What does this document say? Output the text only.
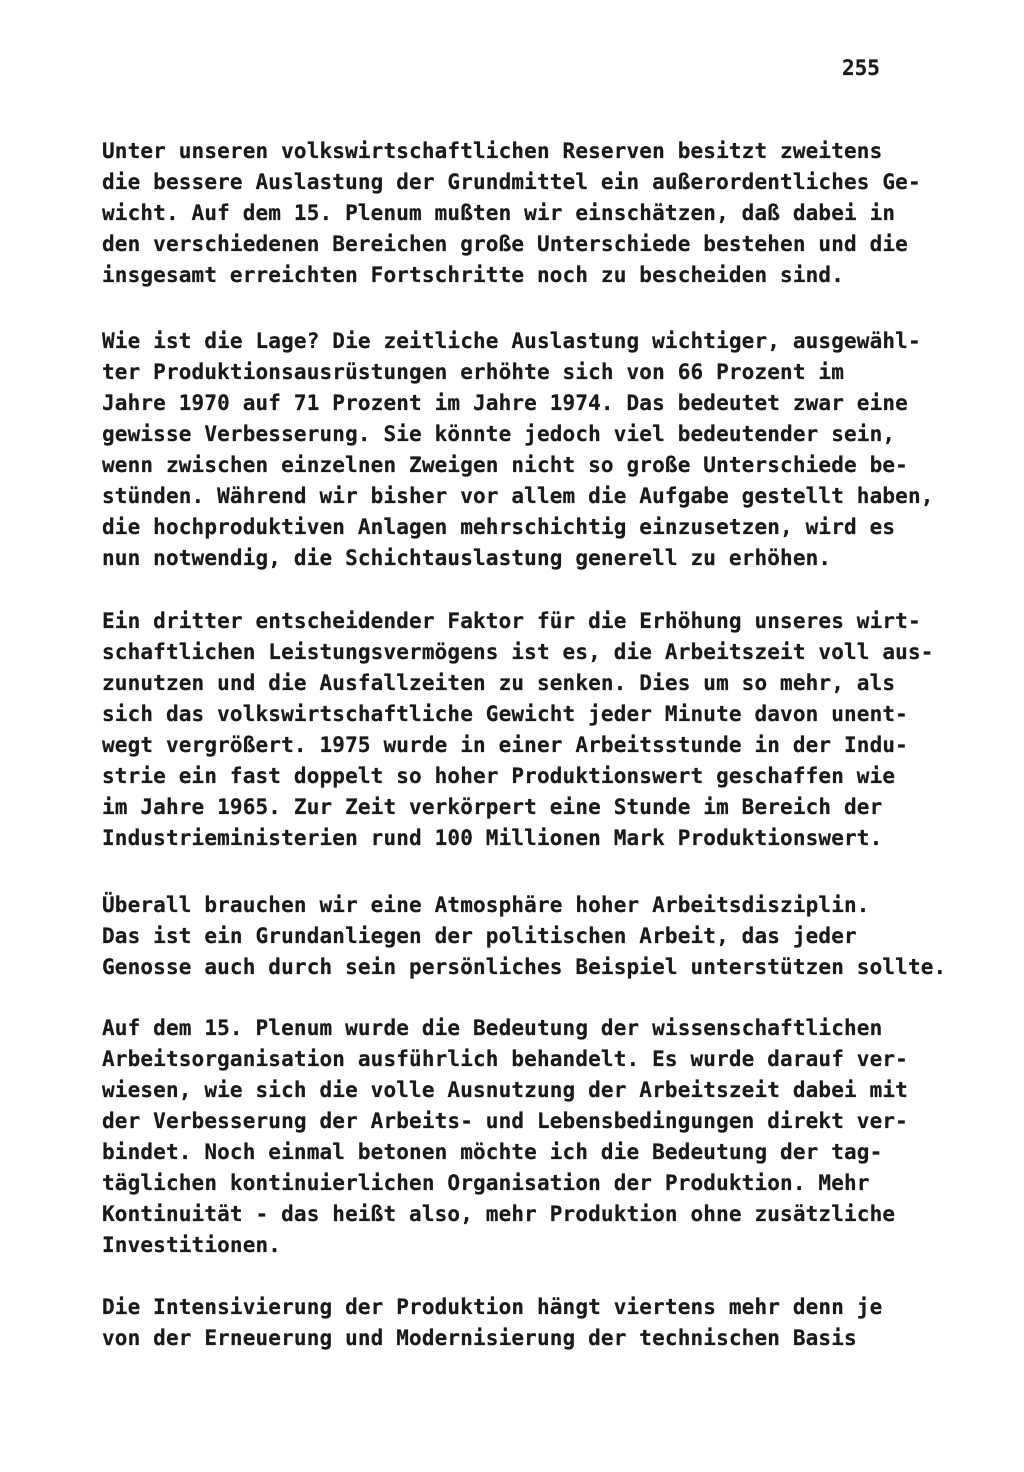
255
Unter unseren volkswirtschaftlichen Reserven besitzt zweitens
die bessere Auslastung der Grundmittel ein außerordentliches Ge-
wicht. Auf dem 15. Plenum mußten wir einschätzen, daß dabei in
den verschiedenen Bereichen große Unterschiede bestehen und die
insgesamt erreichten Fortschritte noch zu bescheiden sind.
Wie ist die Lage? Die zeitliche Auslastung wichtiger, ausgewähl-
ter Produktionsausrüstungen erhöhte sich von 66 Prozent im
Jahre 1970 auf 71 Prozent im Jahre 1974. Das bedeutet zwar eine
gewisse Verbesserung. Sie könnte jedoch viel bedeutender sein,
wenn zwischen einzelnen Zweigen nicht so große Unterschiede be-
stünden. Während wir bisher vor allem die Aufgabe gestellt haben,
die hochproduktiven Anlagen mehrschichtig einzusetzen, wird es
nun notwendig, die Schichtauslastung generell zu erhöhen.
Ein dritter entscheidender Faktor für die Erhöhung unseres wirt-
schaftlichen Leistungsvermögens ist es, die Arbeitszeit voll aus-
zunutzen und die Ausfallzeiten zu senken. Dies um so mehr, als
sich das volkswirtschaftliche Gewicht jeder Minute davon unent-
wegt vergrößert. 1975 wurde in einer Arbeitsstunde in der Indu-
strie ein fast doppelt so hoher Produktionswert geschaffen wie
im Jahre 1965. Zur Zeit verkörpert eine Stunde im Bereich der
Industrieministerien rund 100 Millionen Mark Produktionswert.
Überall brauchen wir eine Atmosphäre hoher Arbeitsdisziplin.
Das ist ein Grundanliegen der politischen Arbeit, das jeder
Genosse auch durch sein persönliches Beispiel unterstützen sollte.
Auf dem 15. Plenum wurde die Bedeutung der wissenschaftlichen
Arbeitsorganisation ausführlich behandelt. Es wurde darauf ver-
wiesen, wie sich die volle Ausnutzung der Arbeitszeit dabei mit
der Verbesserung der Arbeits- und Lebensbedingungen direkt ver-
bindet. Noch einmal betonen möchte ich die Bedeutung der tag-
täglichen kontinuierlichen Organisation der Produktion. Mehr
Kontinuität - das heißt also, mehr Produktion ohne zusätzliche
Investitionen.
Die Intensivierung der Produktion hängt viertens mehr denn je
von der Erneuerung und Modernisierung der technischen Basis
